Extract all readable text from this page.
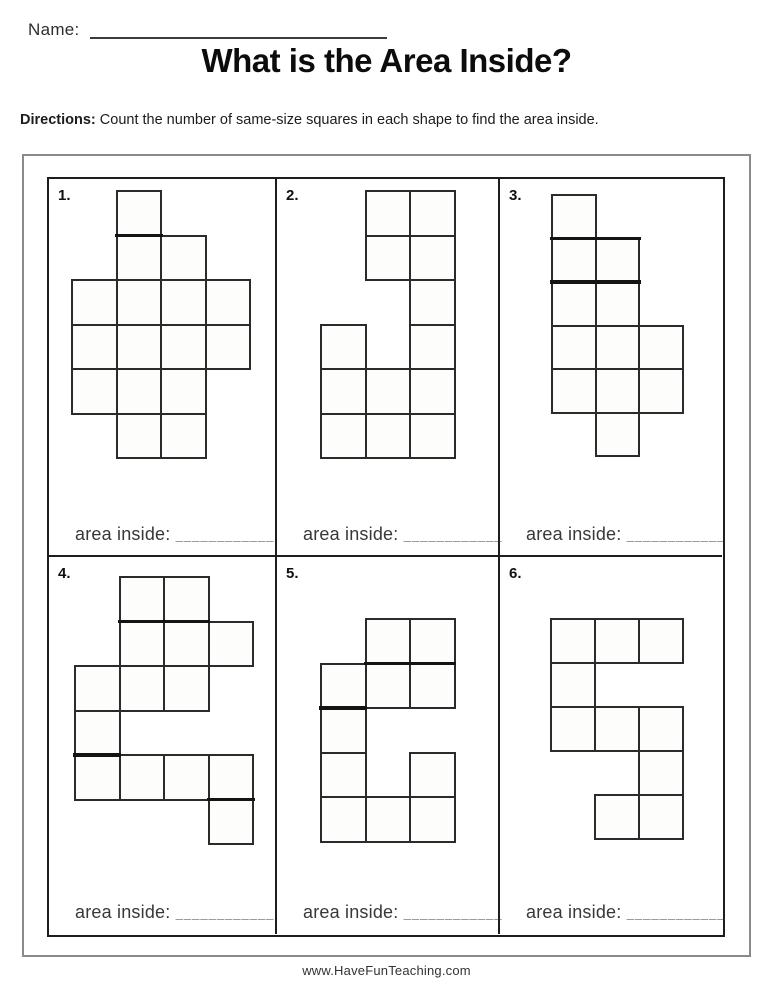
Name:
What is the Area Inside?

Directions: Count the number of same-size squares in each shape to find the area inside.

1.
area inside: ____________
2.
area inside: ____________
3.
area inside: ____________
4.
area inside: ____________
5.
area inside: ____________
6.
area inside: ____________
www.HaveFunTeaching.com
